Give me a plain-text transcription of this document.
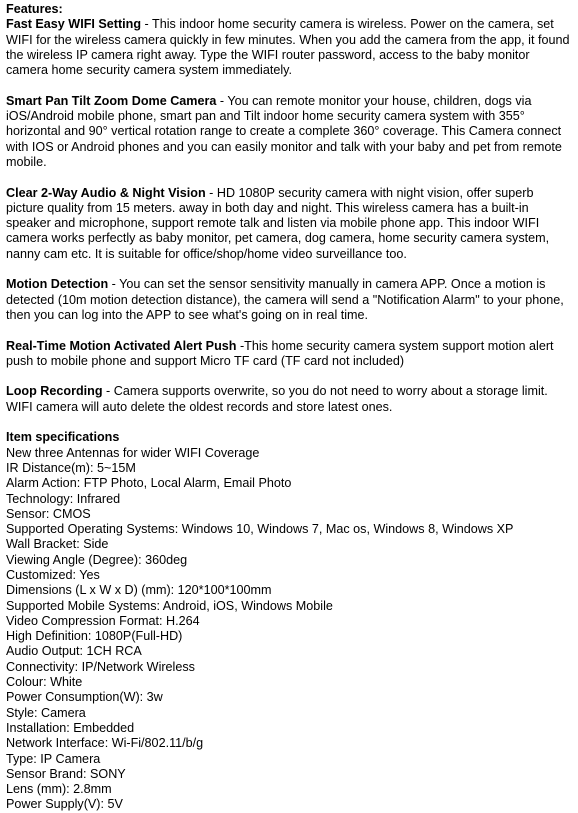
Features:

Fast Easy WIFI Setting - This indoor home security camera is wireless. Power on the camera, set WIFI for the wireless camera quickly in few minutes. When you add the camera from the app, it found the wireless IP camera right away. Type the WIFI router password, access to the baby monitor camera home security camera system immediately.

Smart Pan Tilt Zoom Dome Camera - You can remote monitor your house, children, dogs via iOS/Android mobile phone, smart pan and Tilt indoor home security camera system with 355° horizontal and 90° vertical rotation range to create a complete 360° coverage. This Camera connect with IOS or Android phones and you can easily monitor and talk with your baby and pet from remote mobile.

Clear 2-Way Audio & Night Vision - HD 1080P security camera with night vision, offer superb picture quality from 15 meters. away in both day and night. This wireless camera has a built-in speaker and microphone, support remote talk and listen via mobile phone app. This indoor WIFI camera works perfectly as baby monitor, pet camera, dog camera, home security camera system, nanny cam etc. It is suitable for office/shop/home video surveillance too.

Motion Detection - You can set the sensor sensitivity manually in camera APP. Once a motion is detected (10m motion detection distance), the camera will send a "Notification Alarm" to your phone, then you can log into the APP to see what's going on in real time.

Real-Time Motion Activated Alert Push -This home security camera system support motion alert push to mobile phone and support Micro TF card (TF card not included)

Loop Recording - Camera supports overwrite, so you do not need to worry about a storage limit. WIFI camera will auto delete the oldest records and store latest ones.

Item specifications
New three Antennas for wider WIFI Coverage
IR Distance(m): 5~15M
Alarm Action: FTP Photo, Local Alarm, Email Photo
Technology: Infrared
Sensor: CMOS
Supported Operating Systems: Windows 10, Windows 7, Mac os, Windows 8, Windows XP
Wall Bracket: Side
Viewing Angle (Degree): 360deg
Customized: Yes
Dimensions (L x W x D) (mm): 120*100*100mm
Supported Mobile Systems: Android, iOS, Windows Mobile
Video Compression Format: H.264
High Definition: 1080P(Full-HD)
Audio Output: 1CH RCA
Connectivity: IP/Network Wireless
Colour: White
Power Consumption(W): 3w
Style: Camera
Installation: Embedded
Network Interface: Wi-Fi/802.11/b/g
Type: IP Camera
Sensor Brand: SONY
Lens (mm): 2.8mm
Power Supply(V): 5V
